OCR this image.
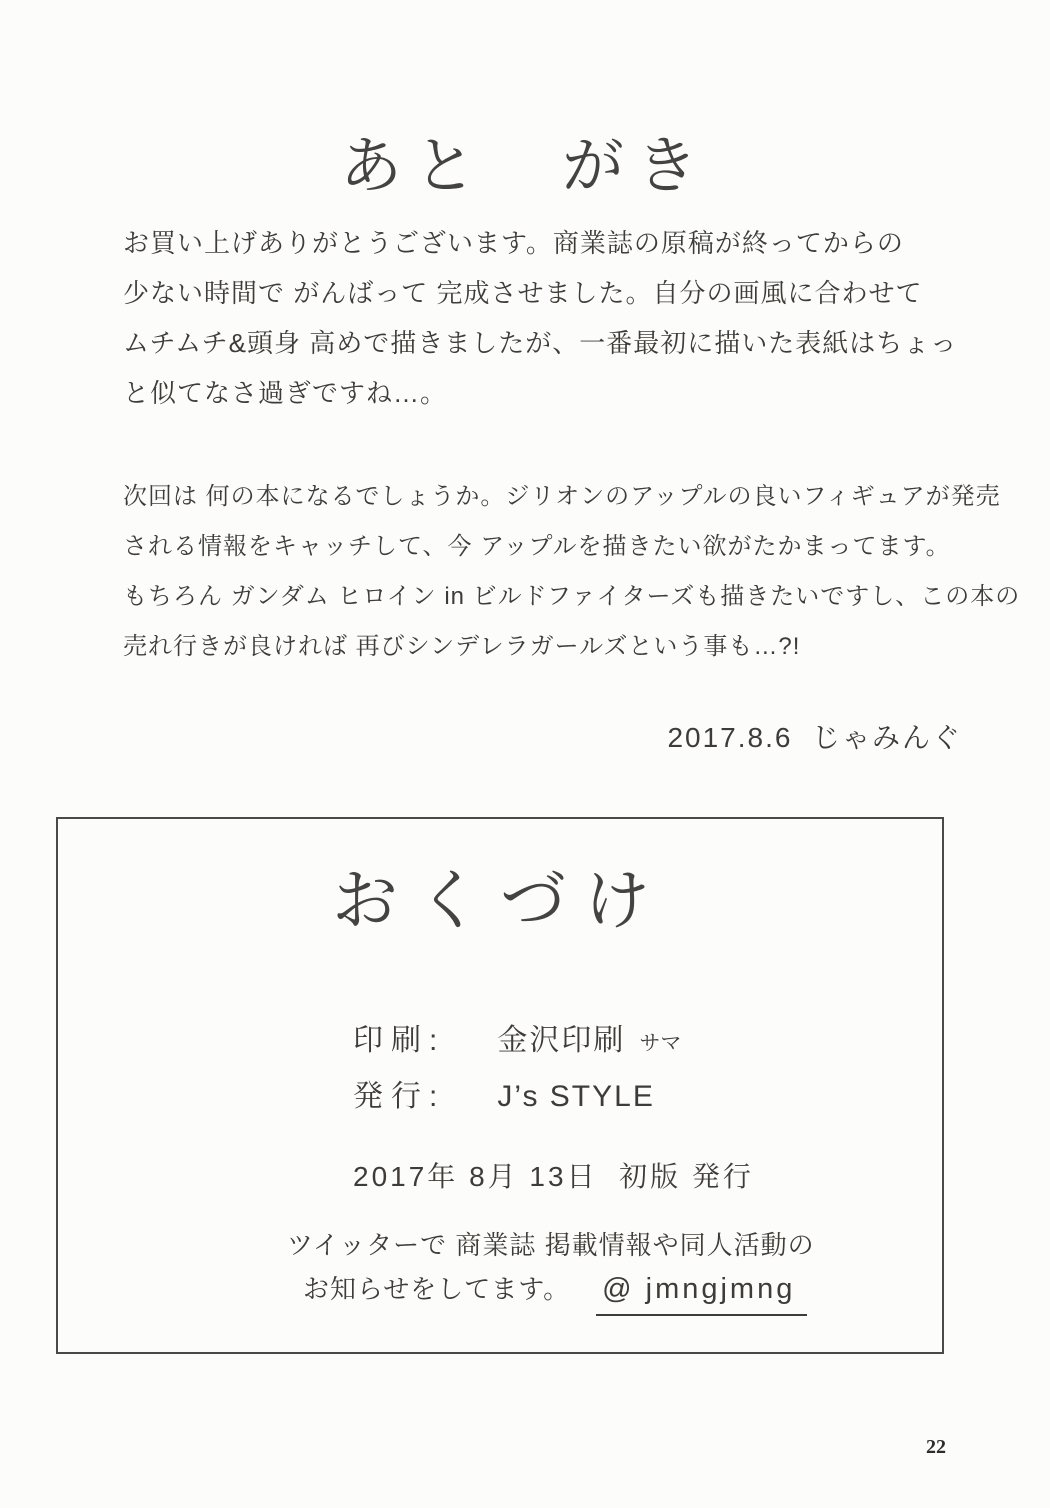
あと　がき
お買い上げありがとうございます。商業誌の原稿が終ってからの
少ない時間で がんばって 完成させました。自分の画風に合わせて
ムチムチ&頭身 高めで描きましたが、一番最初に描いた表紙はちょっ
と似てなさ過ぎですね…。
次回は 何の本になるでしょうか。ジリオンのアップルの良いフィギュアが発売
される情報をキャッチして、今 アップルを描きたい欲がたかまってます。
もちろん ガンダム ヒロイン in ビルドファイターズも描きたいですし、この本の
売れ行きが良ければ 再びシンデレラガールズという事も…?!
2017.8.6  じゃみんぐ
おくづけ
印刷 : 金沢印刷 サマ
発行 : J’s STYLE
2017年 8月 13日  初版 発行
ツイッターで 商業誌 掲載情報や同人活動の
お知らせをしてます。 @ jmngjmng
22
